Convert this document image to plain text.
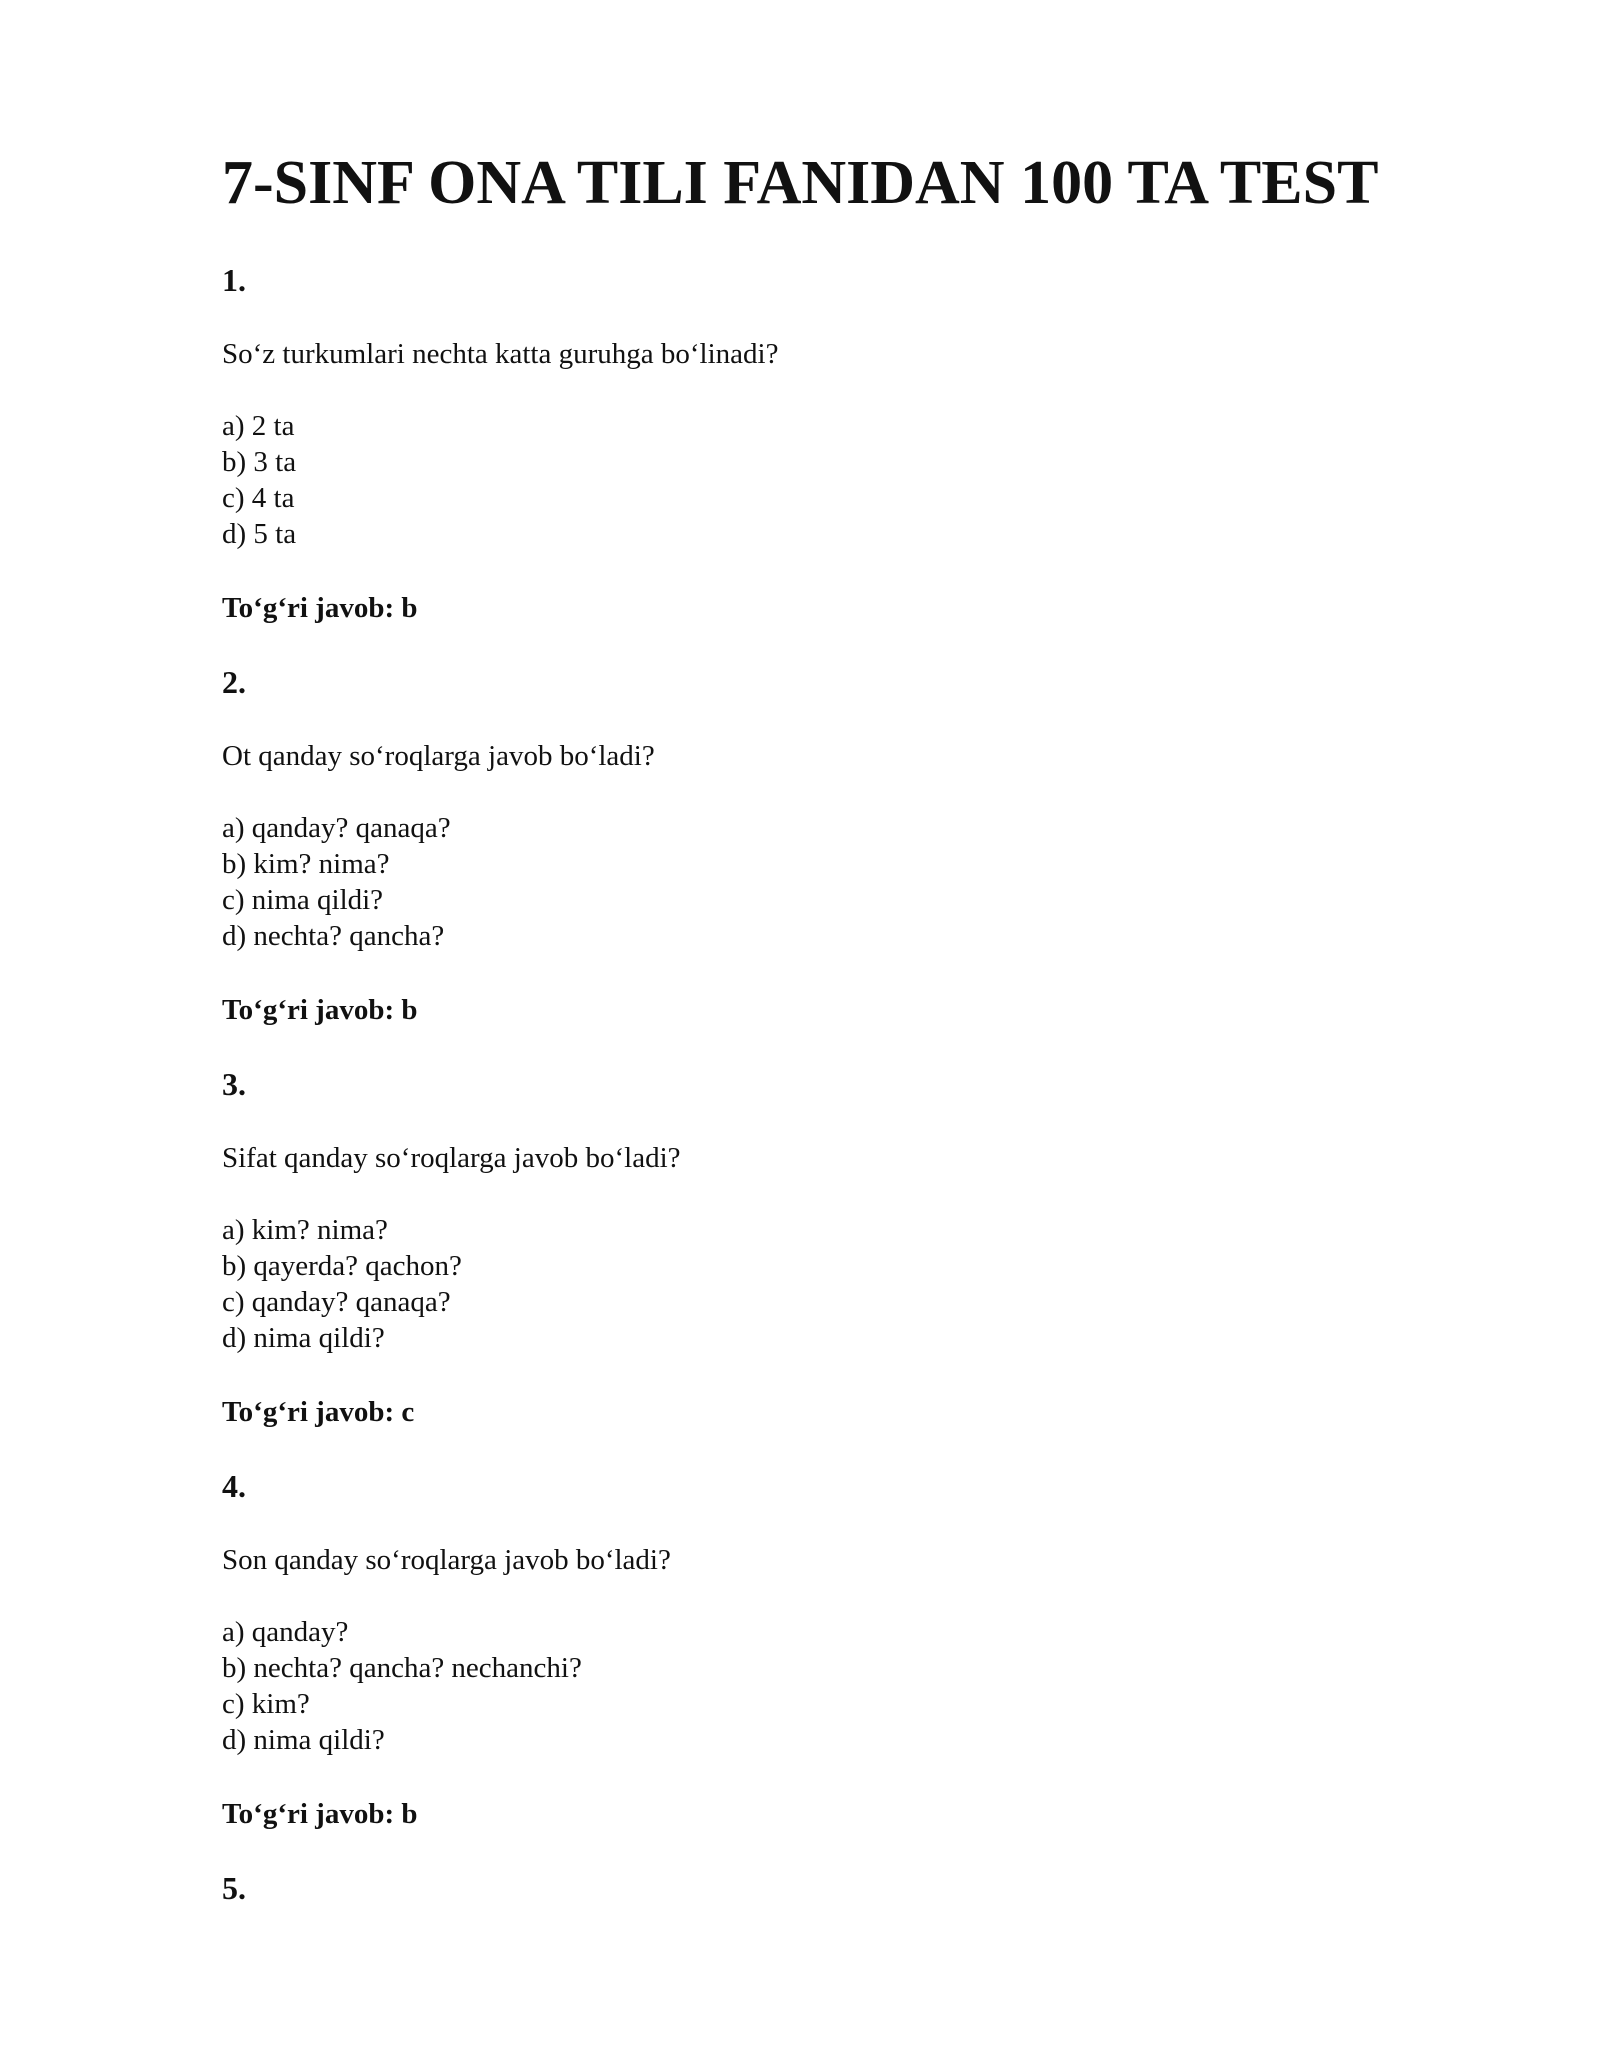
7-SINF ONA TILI FANIDAN 100 TA TEST

1.

So‘z turkumlari nechta katta guruhga bo‘linadi?

a) 2 ta
b) 3 ta
c) 4 ta
d) 5 ta

To‘g‘ri javob: b

2.

Ot qanday so‘roqlarga javob bo‘ladi?

a) qanday? qanaqa?
b) kim? nima?
c) nima qildi?
d) nechta? qancha?

To‘g‘ri javob: b

3.

Sifat qanday so‘roqlarga javob bo‘ladi?

a) kim? nima?
b) qayerda? qachon?
c) qanday? qanaqa?
d) nima qildi?

To‘g‘ri javob: c

4.

Son qanday so‘roqlarga javob bo‘ladi?

a) qanday?
b) nechta? qancha? nechanchi?
c) kim?
d) nima qildi?

To‘g‘ri javob: b

5.
